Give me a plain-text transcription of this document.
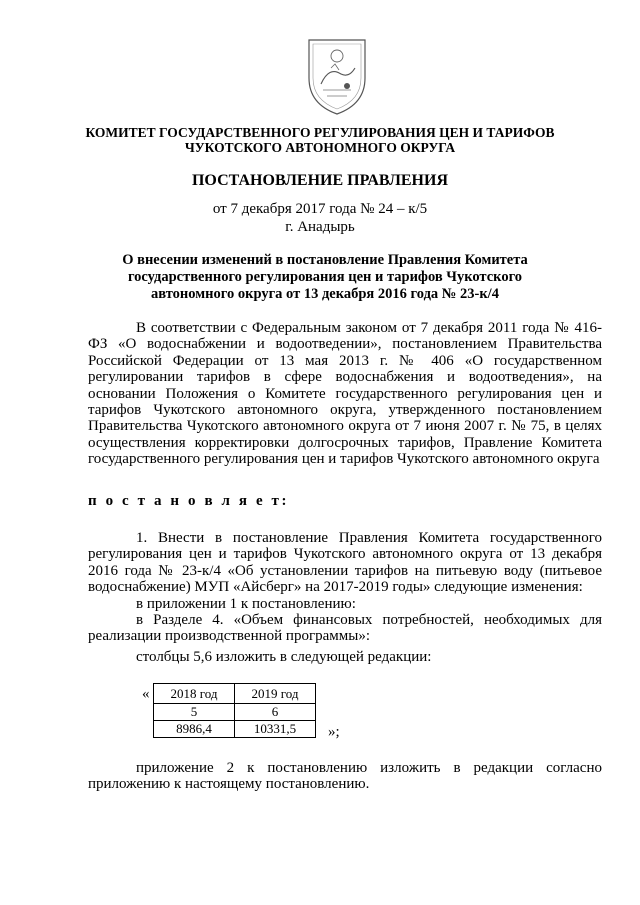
КОМИТЕТ ГОСУДАРСТВЕННОГО РЕГУЛИРОВАНИЯ ЦЕН И ТАРИФОВ
ЧУКОТСКОГО АВТОНОМНОГО ОКРУГА
ПОСТАНОВЛЕНИЕ ПРАВЛЕНИЯ
от 7 декабря 2017 года № 24 – к/5
г. Анадырь
О внесении изменений в постановление Правления Комитета государственного регулирования цен и тарифов Чукотского автономного округа от 13 декабря 2016 года № 23-к/4
В соответствии с Федеральным законом от 7 декабря 2011 года № 416-ФЗ «О водоснабжении и водоотведении», постановлением Правительства Российской Федерации от 13 мая 2013 г. № 406 «О государственном регулировании тарифов в сфере водоснабжения и водоотведения», на основании Положения о Комитете государственного регулирования цен и тарифов Чукотского автономного округа, утвержденного постановлением Правительства Чукотского автономного округа от 7 июня 2007 г. № 75, в целях осуществления корректировки долгосрочных тарифов, Правление Комитета государственного регулирования цен и тарифов Чукотского автономного округа
п о с т а н о в л я е т:
1. Внести в постановление Правления Комитета государственного регулирования цен и тарифов Чукотского автономного округа от 13 декабря 2016 года № 23-к/4 «Об установлении тарифов на питьевую воду (питьевое водоснабжение) МУП «Айсберг» на 2017-2019 годы» следующие изменения:
в приложении 1 к постановлению:
в Разделе 4. «Объем финансовых потребностей, необходимых для реализации производственной программы»:
столбцы 5,6 изложить в следующей редакции:
« 2018 год	2019 год
5	6
8986,4	10331,5 »;
приложение 2 к постановлению изложить в редакции согласно приложению к настоящему постановлению.
